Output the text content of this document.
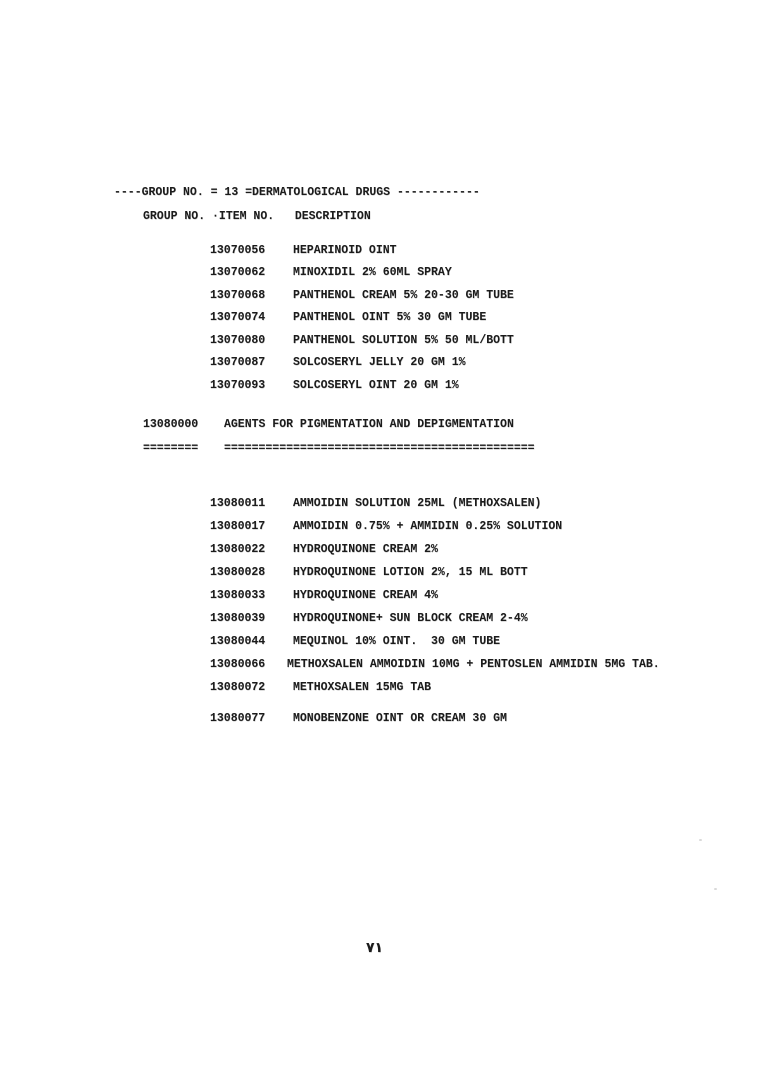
----GROUP NO. = 13 =DERMATOLOGICAL DRUGS ------------
GROUP NO. ·ITEM NO.   DESCRIPTION
13070056 HEPARINOID OINT
13070062 MINOXIDIL 2% 60ML SPRAY
13070068 PANTHENOL CREAM 5% 20-30 GM TUBE
13070074 PANTHENOL OINT 5% 30 GM TUBE
13070080 PANTHENOL SOLUTION 5% 50 ML/BOTT
13070087 SOLCOSERYL JELLY 20 GM 1%
13070093 SOLCOSERYL OINT 20 GM 1%
13080000 AGENTS FOR PIGMENTATION AND DEPIGMENTATION
======== =============================================
13080011 AMMOIDIN SOLUTION 25ML (METHOXSALEN)
13080017 AMMOIDIN 0.75% + AMMIDIN 0.25% SOLUTION
13080022 HYDROQUINONE CREAM 2%
13080028 HYDROQUINONE LOTION 2%, 15 ML BOTT
13080033 HYDROQUINONE CREAM 4%
13080039 HYDROQUINONE+ SUN BLOCK CREAM 2-4%
13080044 MEQUINOL 10% OINT.  30 GM TUBE
13080066 METHOXSALEN AMMOIDIN 10MG + PENTOSLEN AMMIDIN 5MG TAB.
13080072 METHOXSALEN 15MG TAB
13080077 MONOBENZONE OINT OR CREAM 30 GM
٧١
